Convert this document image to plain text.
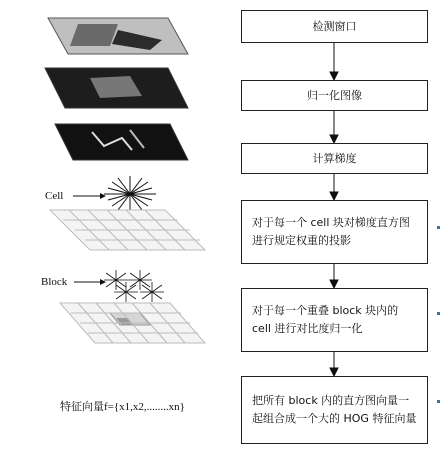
Cell
Block
特征向量f={x1,x2,........xn}
检测窗口
归一化图像
计算梯度
对于每一个 cell 块对梯度直方图进行规定权重的投影
对于每一个重叠 block 块内的 cell 进行对比度归一化
把所有 block 内的直方图向量一起组合成一个大的 HOG 特征向量
